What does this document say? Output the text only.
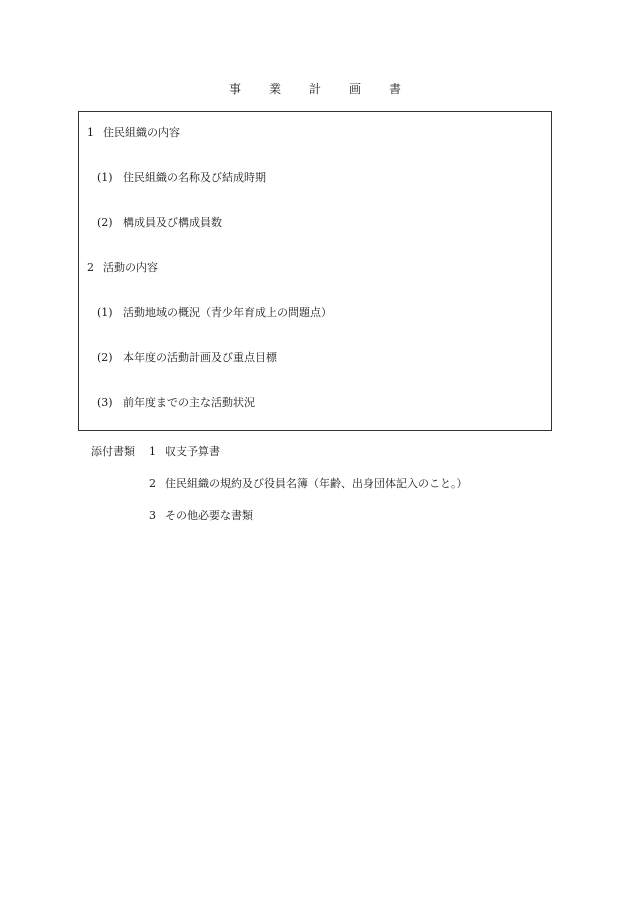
事 業 計 画 書
1 住民組織の内容
(1) 住民組織の名称及び結成時期
(2) 構成員及び構成員数
2 活動の内容
(1) 活動地域の概況（青少年育成上の問題点）
(2) 本年度の活動計画及び重点目標
(3) 前年度までの主な活動状況
添付書類 1 収支予算書
2 住民組織の規約及び役員名簿（年齢、出身団体記入のこと。）
3 その他必要な書類
